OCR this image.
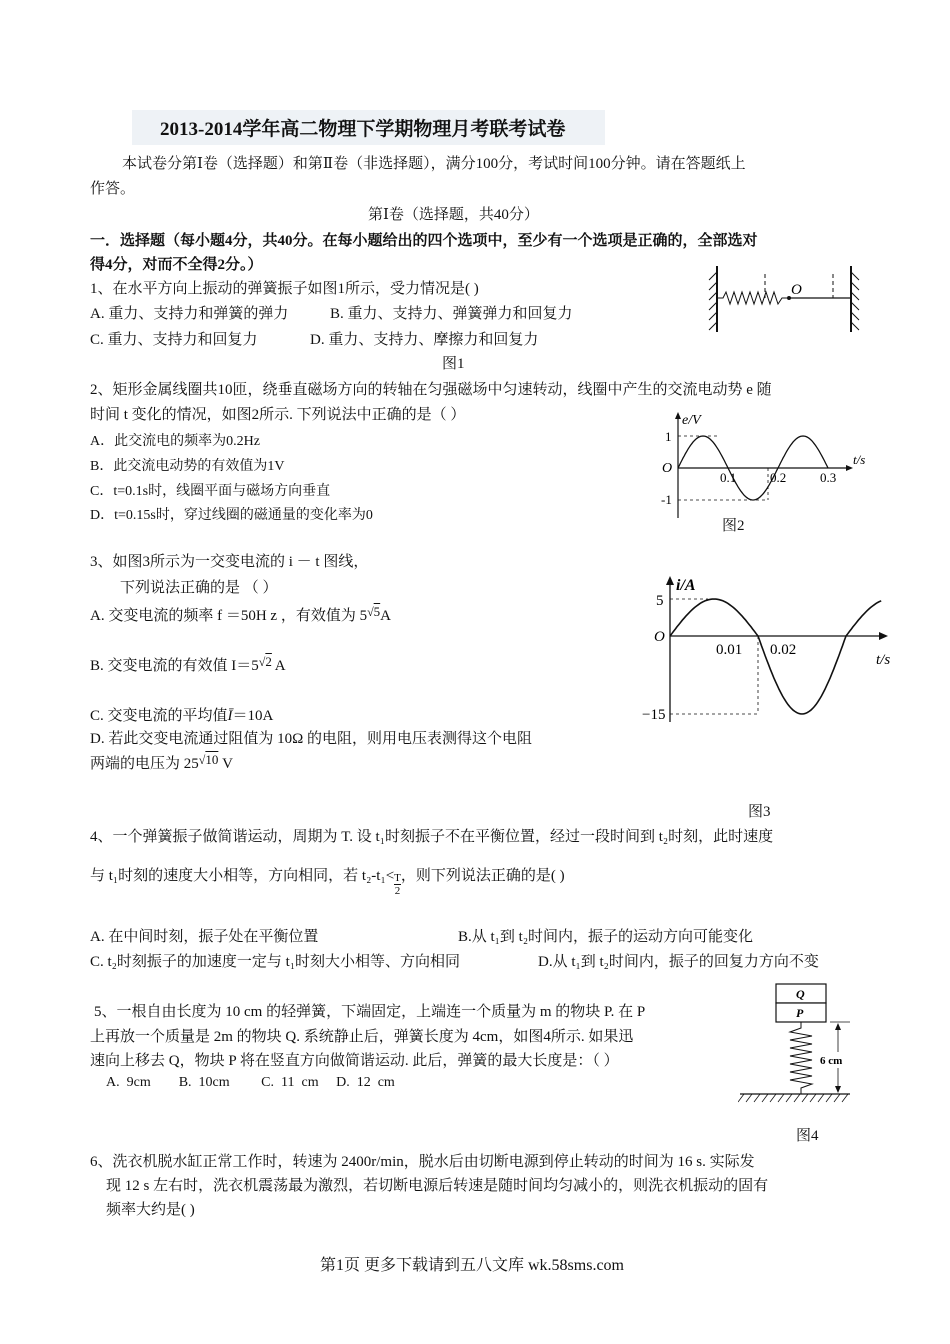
2013-2014学年高二物理下学期物理月考联考试卷
本试卷分第Ⅰ卷（选择题）和第Ⅱ卷（非选择题），满分100分，考试时间100分钟。请在答题纸上
作答。
第Ⅰ卷（选择题，共40分）
一．选择题（每小题4分，共40分。在每小题给出的四个选项中，至少有一个选项是正确的，全部选对
得4分，对而不全得2分。）
1、在水平方向上振动的弹簧振子如图1所示，受力情况是( )
A. 重力、支持力和弹簧的弹力	B. 重力、支持力、弹簧弹力和回复力
C. 重力、支持力和回复力	D. 重力、支持力、摩擦力和回复力
图1
O
2、矩形金属线圈共10匝，绕垂直磁场方向的转轴在匀强磁场中匀速转动，线圈中产生的交流电动势 e 随
时间 t 变化的情况，如图2所示. 下列说法中正确的是（ ）
A．此交流电的频率为0.2Hz
B．此交流电动势的有效值为1V
C．t=0.1s时，线圈平面与磁场方向垂直
D．t=0.15s时，穿过线圈的磁通量的变化率为0
e/V
O
1
-1
0.1	0.2	0.3
t/s
图2
3、如图3所示为一交变电流的 i － t 图线，
下列说法正确的是 （ ）
A. 交变电流的频率 f ＝50H z ，有效值为 5√5A
B. 交变电流的有效值 I＝5√2 A
C. 交变电流的平均值Ī＝10A
D. 若此交变电流通过阻值为 10Ω 的电阻，则用电压表测得这个电阻
两端的电压为 25√10 V
i/A
O
5
−15
0.01 0.02
t/s
图3
4、一个弹簧振子做简谐运动，周期为 T. 设 t₁时刻振子不在平衡位置，经过一段时间到 t₂时刻，此时速度
与 t₁时刻的速度大小相等，方向相同，若 $t_2-t_1< \frac{T}{2}$ ，则下列说法正确的是( )
A. 在中间时刻，振子处在平衡位置	B.从 t₁到 t₂时间内，振子的运动方向可能变化
C. t₂时刻振子的加速度一定与 t₁时刻大小相等、方向相同	D.从 t₁到 t₂时间内，振子的回复力方向不变
5、一根自由长度为 10 cm 的轻弹簧，下端固定，上端连一个质量为 m 的物块 P. 在 P
上再放一个质量是 2m 的物块 Q. 系统静止后，弹簧长度为 4cm，如图4所示. 如果迅
速向上移去 Q，物块 P 将在竖直方向做简谐运动. 此后，弹簧的最大长度是：（ ）
A.  9cm        B.  10cm         C.  11  cm     D.  12  cm
Q
P
6 cm
图4
6、洗衣机脱水缸正常工作时，转速为 2400r/min，脱水后由切断电源到停止转动的时间为 16 s. 实际发
现 12 s 左右时，洗衣机震荡最为激烈，若切断电源后转速是随时间均匀减小的，则洗衣机振动的固有
频率大约是( )
第1页 更多下载请到五八文库 wk.58sms.com
